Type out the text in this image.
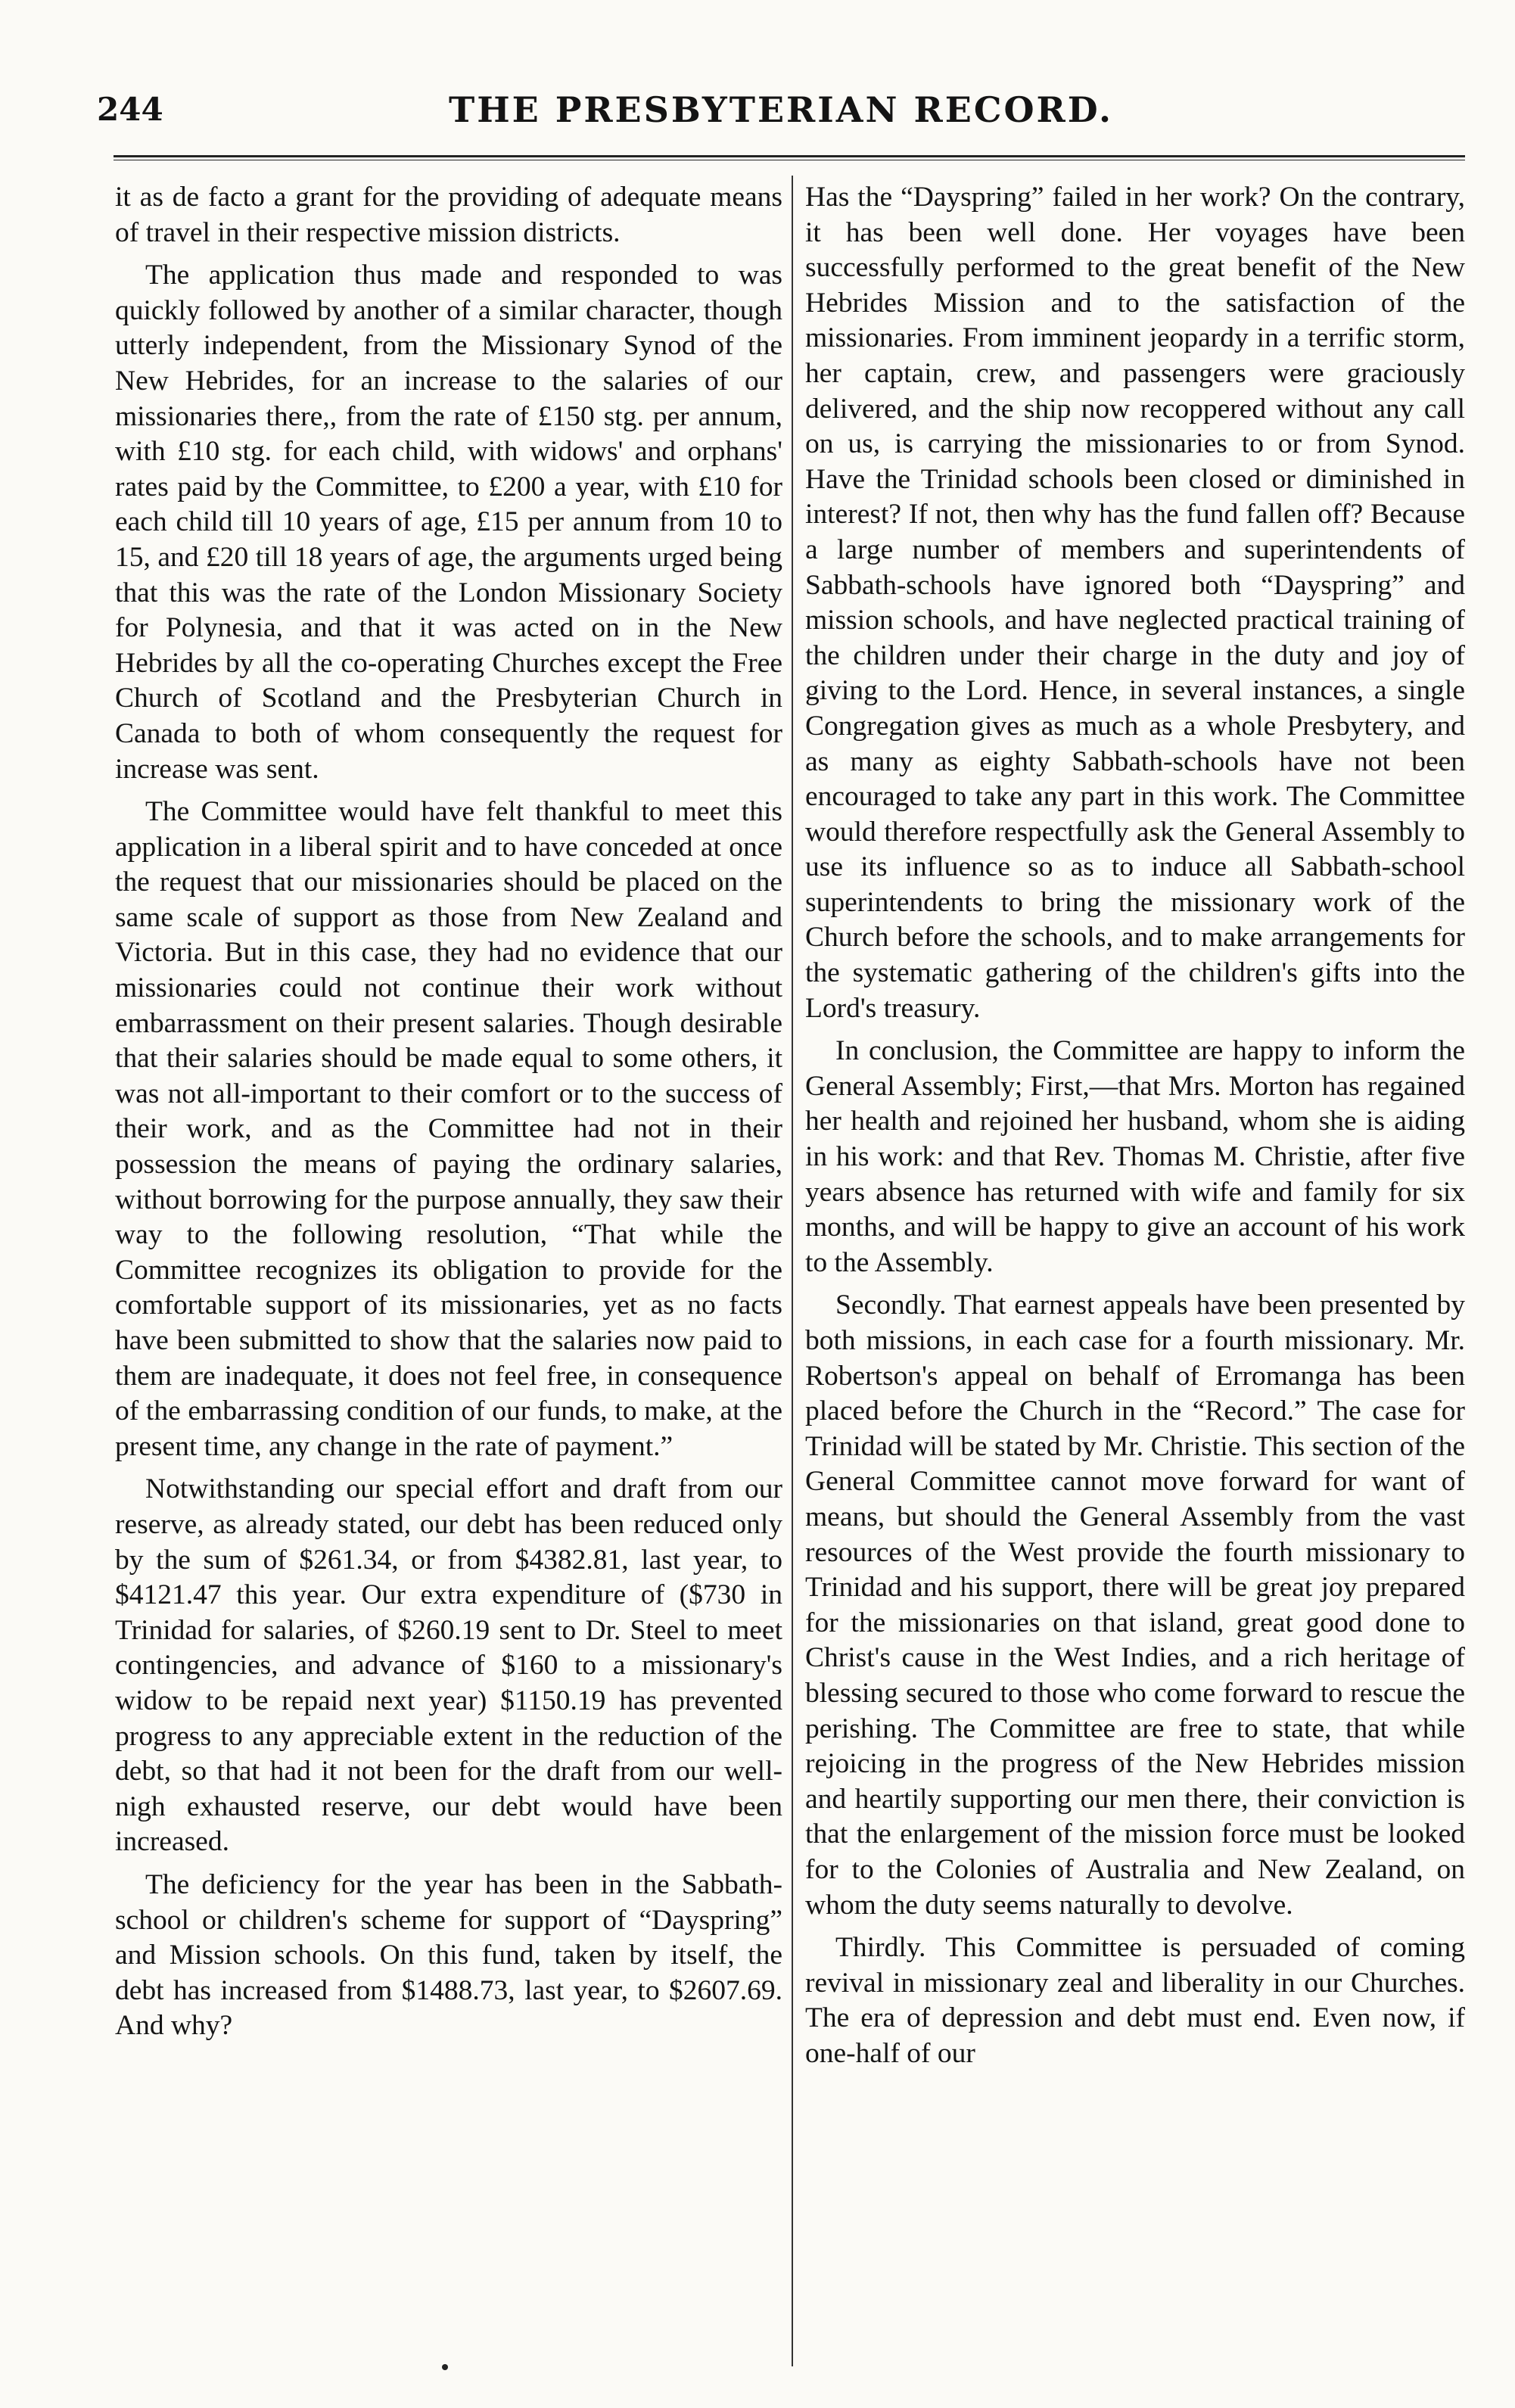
244	THE PRESBYTERIAN RECORD.

it as de facto a grant for the providing of adequate means of travel in their respective mission districts.

The application thus made and responded to was quickly followed by another of a similar character, though utterly independent, from the Missionary Synod of the New Hebrides, for an increase to the salaries of our missionaries there,, from the rate of £150 stg. per annum, with £10 stg. for each child, with widows' and orphans' rates paid by the Committee, to £200 a year, with £10 for each child till 10 years of age, £15 per annum from 10 to 15, and £20 till 18 years of age, the arguments urged being that this was the rate of the London Missionary Society for Polynesia, and that it was acted on in the New Hebrides by all the co-operating Churches except the Free Church of Scotland and the Presbyterian Church in Canada to both of whom consequently the request for increase was sent.

The Committee would have felt thankful to meet this application in a liberal spirit and to have conceded at once the request that our missionaries should be placed on the same scale of support as those from New Zealand and Victoria. But in this case, they had no evidence that our missionaries could not continue their work without embarrassment on their present salaries. Though desirable that their salaries should be made equal to some others, it was not all-important to their comfort or to the success of their work, and as the Committee had not in their possession the means of paying the ordinary salaries, without borrowing for the purpose annually, they saw their way to the following resolution, “That while the Committee recognizes its obligation to provide for the comfortable support of its missionaries, yet as no facts have been submitted to show that the salaries now paid to them are inadequate, it does not feel free, in consequence of the embarrassing condition of our funds, to make, at the present time, any change in the rate of payment.”

Notwithstanding our special effort and draft from our reserve, as already stated, our debt has been reduced only by the sum of $261.34, or from $4382.81, last year, to $4121.47 this year. Our extra expenditure of ($730 in Trinidad for salaries, of $260.19 sent to Dr. Steel to meet contingencies, and advance of $160 to a missionary's widow to be repaid next year) $1150.19 has prevented progress to any appreciable extent in the reduction of the debt, so that had it not been for the draft from our well-nigh exhausted reserve, our debt would have been increased.

The deficiency for the year has been in the Sabbath-school or children's scheme for support of “Dayspring” and Mission schools. On this fund, taken by itself, the debt has increased from $1488.73, last year, to $2607.69. And why?

Has the “Dayspring” failed in her work? On the contrary, it has been well done. Her voyages have been successfully performed to the great benefit of the New Hebrides Mission and to the satisfaction of the missionaries. From imminent jeopardy in a terrific storm, her captain, crew, and passengers were graciously delivered, and the ship now recoppered without any call on us, is carrying the missionaries to or from Synod. Have the Trinidad schools been closed or diminished in interest? If not, then why has the fund fallen off? Because a large number of members and superintendents of Sabbath-schools have ignored both “Dayspring” and mission schools, and have neglected practical training of the children under their charge in the duty and joy of giving to the Lord. Hence, in several instances, a single Congregation gives as much as a whole Presbytery, and as many as eighty Sabbath-schools have not been encouraged to take any part in this work. The Committee would therefore respectfully ask the General Assembly to use its influence so as to induce all Sabbath-school superintendents to bring the missionary work of the Church before the schools, and to make arrangements for the systematic gathering of the children's gifts into the Lord's treasury.

In conclusion, the Committee are happy to inform the General Assembly; First,—that Mrs. Morton has regained her health and rejoined her husband, whom she is aiding in his work: and that Rev. Thomas M. Christie, after five years absence has returned with wife and family for six months, and will be happy to give an account of his work to the Assembly.

Secondly. That earnest appeals have been presented by both missions, in each case for a fourth missionary. Mr. Robertson's appeal on behalf of Erromanga has been placed before the Church in the “Record.” The case for Trinidad will be stated by Mr. Christie. This section of the General Committee cannot move forward for want of means, but should the General Assembly from the vast resources of the West provide the fourth missionary to Trinidad and his support, there will be great joy prepared for the missionaries on that island, great good done to Christ's cause in the West Indies, and a rich heritage of blessing secured to those who come forward to rescue the perishing. The Committee are free to state, that while rejoicing in the progress of the New Hebrides mission and heartily supporting our men there, their conviction is that the enlargement of the mission force must be looked for to the Colonies of Australia and New Zealand, on whom the duty seems naturally to devolve.

Thirdly. This Committee is persuaded of coming revival in missionary zeal and liberality in our Churches. The era of depression and debt must end. Even now, if one-half of our
